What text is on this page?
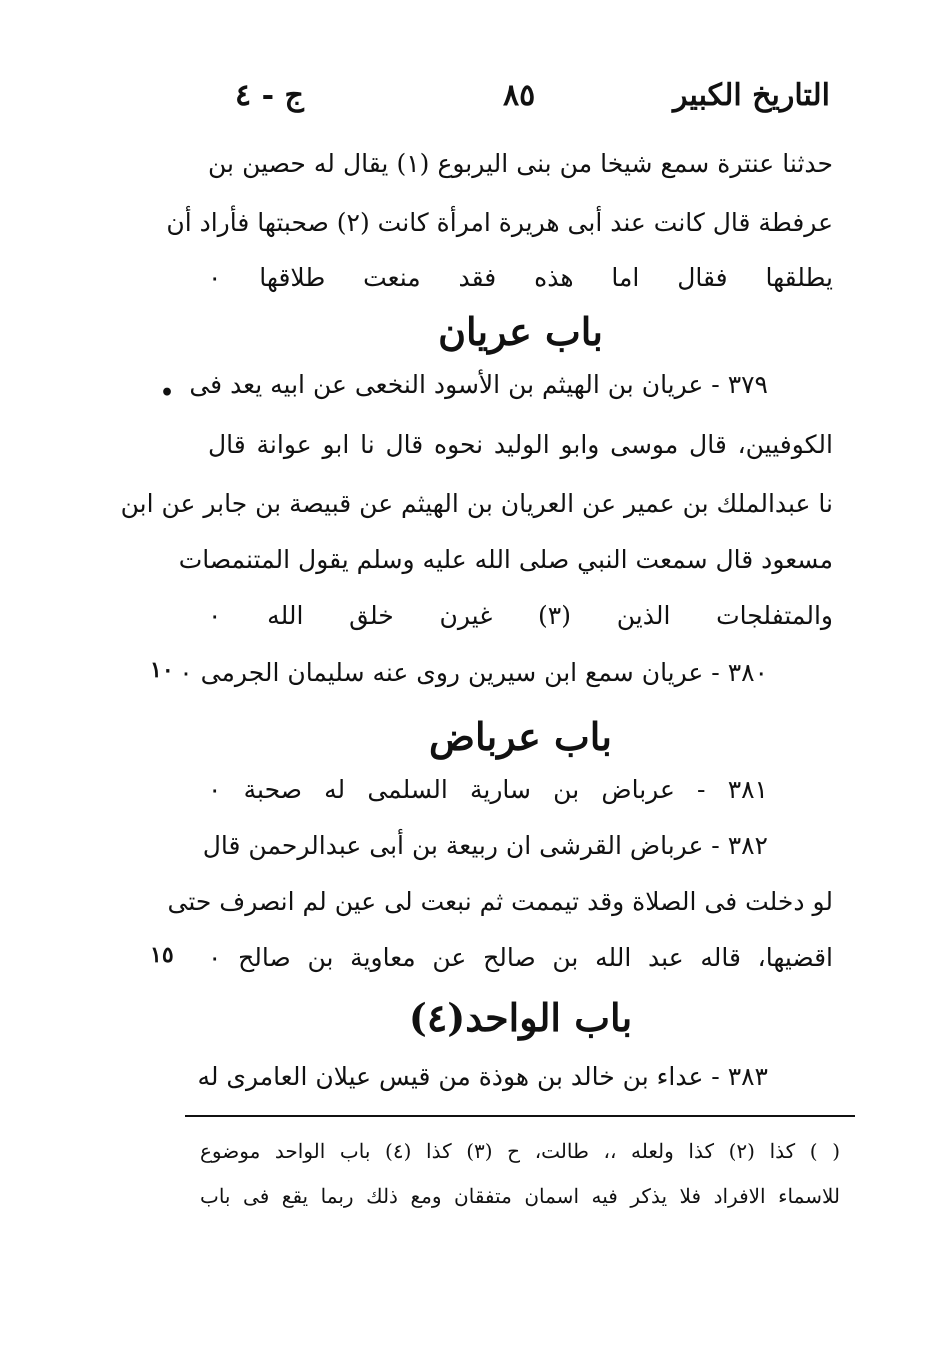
التاريخ الكبير
٨٥
ج - ٤
حدثنا عنترة سمع شيخا من بنى اليربوع (١) يقال له حصين بن
عرفطة قال كانت عند أبى هريرة امرأة كانت (٢) صحبتها فأراد أن
يطلقها فقال اما هذه فقد منعت طلاقها ٠
باب عريان
• ٣٧٩ - عريان بن الهيثم بن الأسود النخعى عن ابيه يعد فى
الكوفيين، قال موسى وابو الوليد نحوه قال نا ابو عوانة قال
نا عبدالملك بن عمير عن العريان بن الهيثم عن قبيصة بن جابر عن ابن
مسعود قال سمعت النبي صلى الله عليه وسلم يقول المتنمصات
والمتفلجات الذين (٣) غيرن خلق الله ٠
١٠ ٣٨٠ - عريان سمع ابن سيرين روى عنه سليمان الجرمى ٠
باب عرباض
٣٨١ - عرباض بن سارية السلمى له صحبة ٠
٣٨٢ - عرباض القرشى ان ربيعة بن أبى عبدالرحمن قال
لو دخلت فى الصلاة وقد تيممت ثم نبعت لى عين لم انصرف حتى
١٥ اقضيها، قاله عبد الله بن صالح عن معاوية بن صالح ٠
باب الواحد(٤)
٣٨٣ - عداء بن خالد بن هوذة من قيس عيلان العامرى له
( ) كذا (٢) كذا ولعله ،، طالت، ح (٣) كذا (٤) باب الواحد موضوع
للاسماء الافراد فلا يذكر فيه اسمان متفقان ومع ذلك ربما يقع فى باب
